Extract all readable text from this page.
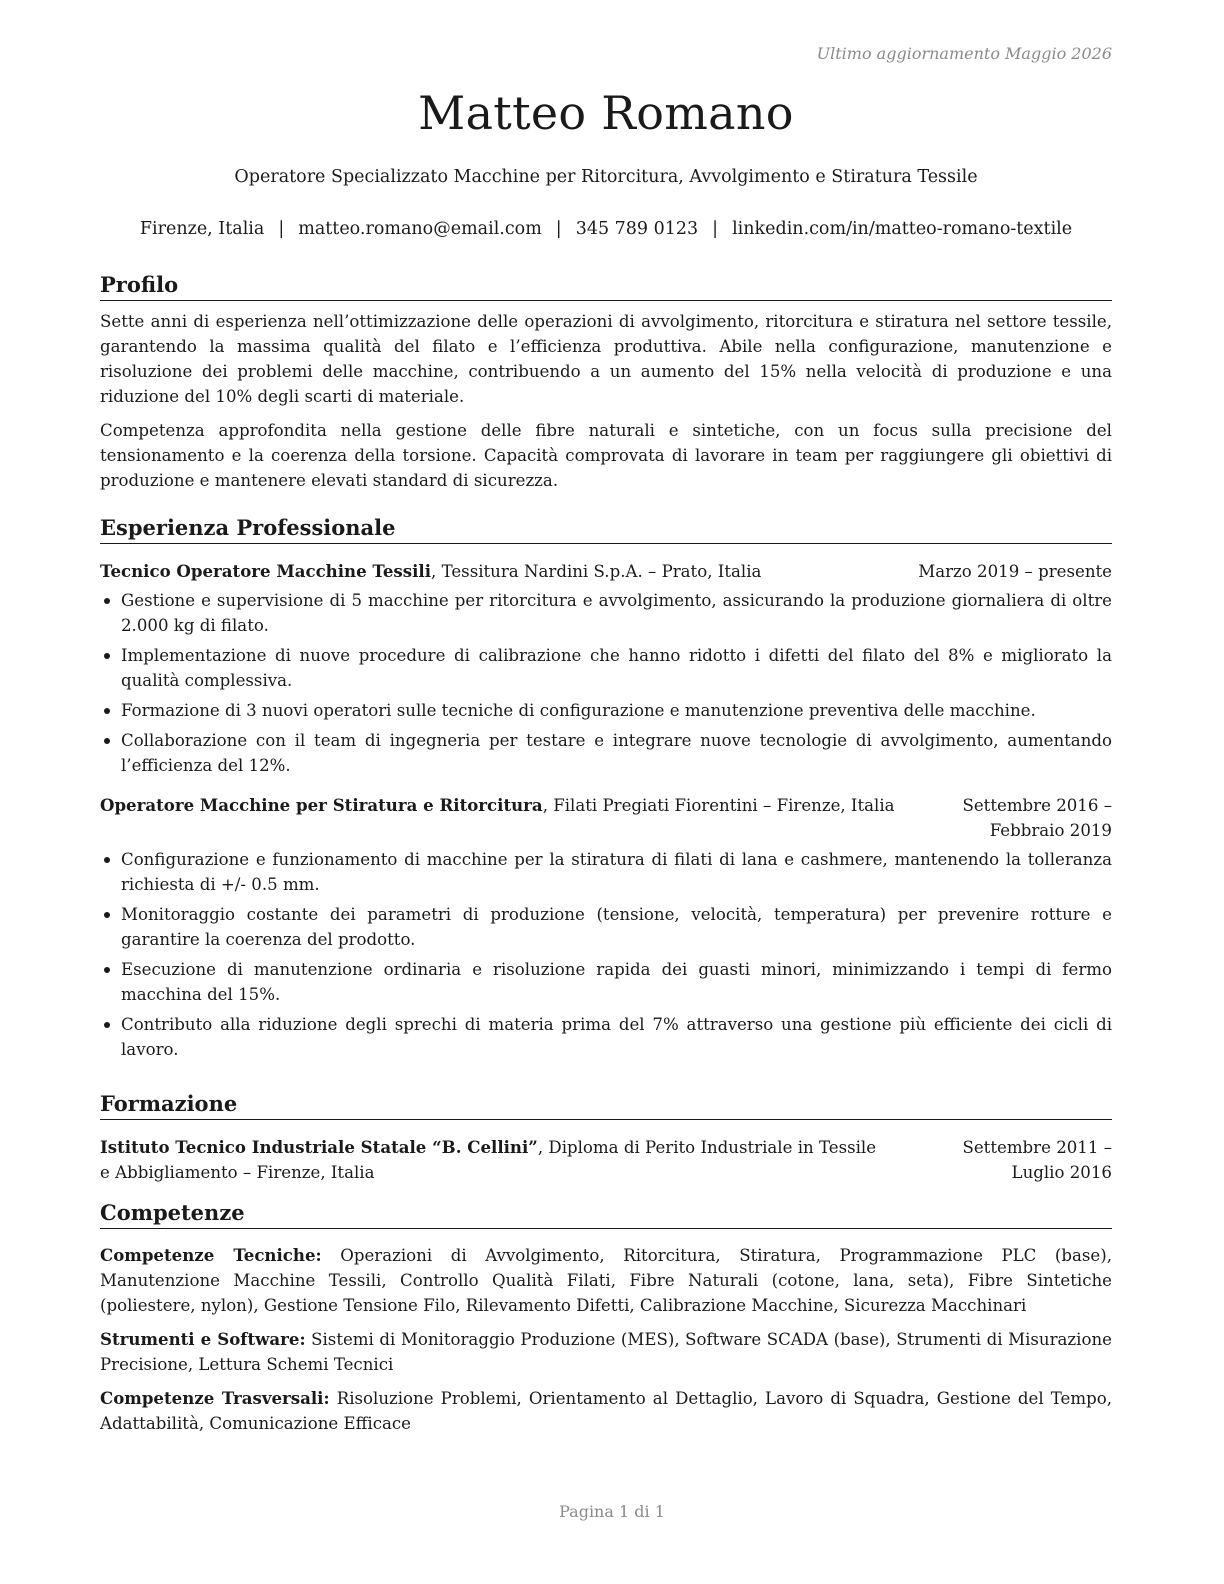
Ultimo aggiornamento Maggio 2026
Matteo Romano
Operatore Specializzato Macchine per Ritorcitura, Avvolgimento e Stiratura Tessile
Firenze, Italia | matteo.romano@email.com | 345 789 0123 | linkedin.com/in/matteo-romano-textile
Profilo

Sette anni di esperienza nell’ottimizzazione delle operazioni di avvolgimento, ritorcitura e stiratura nel settore tessile, garantendo la massima qualità del filato e l’efficienza produttiva. Abile nella configurazione, manutenzione e risoluzione dei problemi delle macchine, contribuendo a un aumento del 15% nella velocità di produzione e una riduzione del 10% degli scarti di materiale.

Competenza approfondita nella gestione delle fibre naturali e sintetiche, con un focus sulla precisione del tensionamento e la coerenza della torsione. Capacità comprovata di lavorare in team per raggiungere gli obiettivi di produzione e mantenere elevati standard di sicurezza.

Esperienza Professionale
Tecnico Operatore Macchine Tessili, Tessitura Nardini S.p.A. – Prato, Italia	Marzo 2019 – presente
Gestione e supervisione di 5 macchine per ritorcitura e avvolgimento, assicurando la produzione giornaliera di oltre 2.000 kg di filato.
Implementazione di nuove procedure di calibrazione che hanno ridotto i difetti del filato del 8% e migliorato la qualità complessiva.
Formazione di 3 nuovi operatori sulle tecniche di configurazione e manutenzione preventiva delle macchine.
Collaborazione con il team di ingegneria per testare e integrare nuove tecnologie di avvolgimento, aumentando l’efficienza del 12%.
Operatore Macchine per Stiratura e Ritorcitura, Filati Pregiati Fiorentini – Firenze, Italia	Settembre 2016 – Febbraio 2019
Configurazione e funzionamento di macchine per la stiratura di filati di lana e cashmere, mantenendo la tolleranza richiesta di +/- 0.5 mm.
Monitoraggio costante dei parametri di produzione (tensione, velocità, temperatura) per prevenire rotture e garantire la coerenza del prodotto.
Esecuzione di manutenzione ordinaria e risoluzione rapida dei guasti minori, minimizzando i tempi di fermo macchina del 15%.
Contributo alla riduzione degli sprechi di materia prima del 7% attraverso una gestione più efficiente dei cicli di lavoro.
Formazione
Istituto Tecnico Industriale Statale “B. Cellini”, Diploma di Perito Industriale in Tessile e Abbigliamento – Firenze, Italia
Settembre 2011 – Luglio 2016
Competenze

Competenze Tecniche: Operazioni di Avvolgimento, Ritorcitura, Stiratura, Programmazione PLC (base), Manutenzione Macchine Tessili, Controllo Qualità Filati, Fibre Naturali (cotone, lana, seta), Fibre Sintetiche (poliestere, nylon), Gestione Tensione Filo, Rilevamento Difetti, Calibrazione Macchine, Sicurezza Macchinari

Strumenti e Software: Sistemi di Monitoraggio Produzione (MES), Software SCADA (base), Strumenti di Misurazione Precisione, Lettura Schemi Tecnici

Competenze Trasversali: Risoluzione Problemi, Orientamento al Dettaglio, Lavoro di Squadra, Gestione del Tempo, Adattabilità, Comunicazione Efficace

Pagina 1 di 1
